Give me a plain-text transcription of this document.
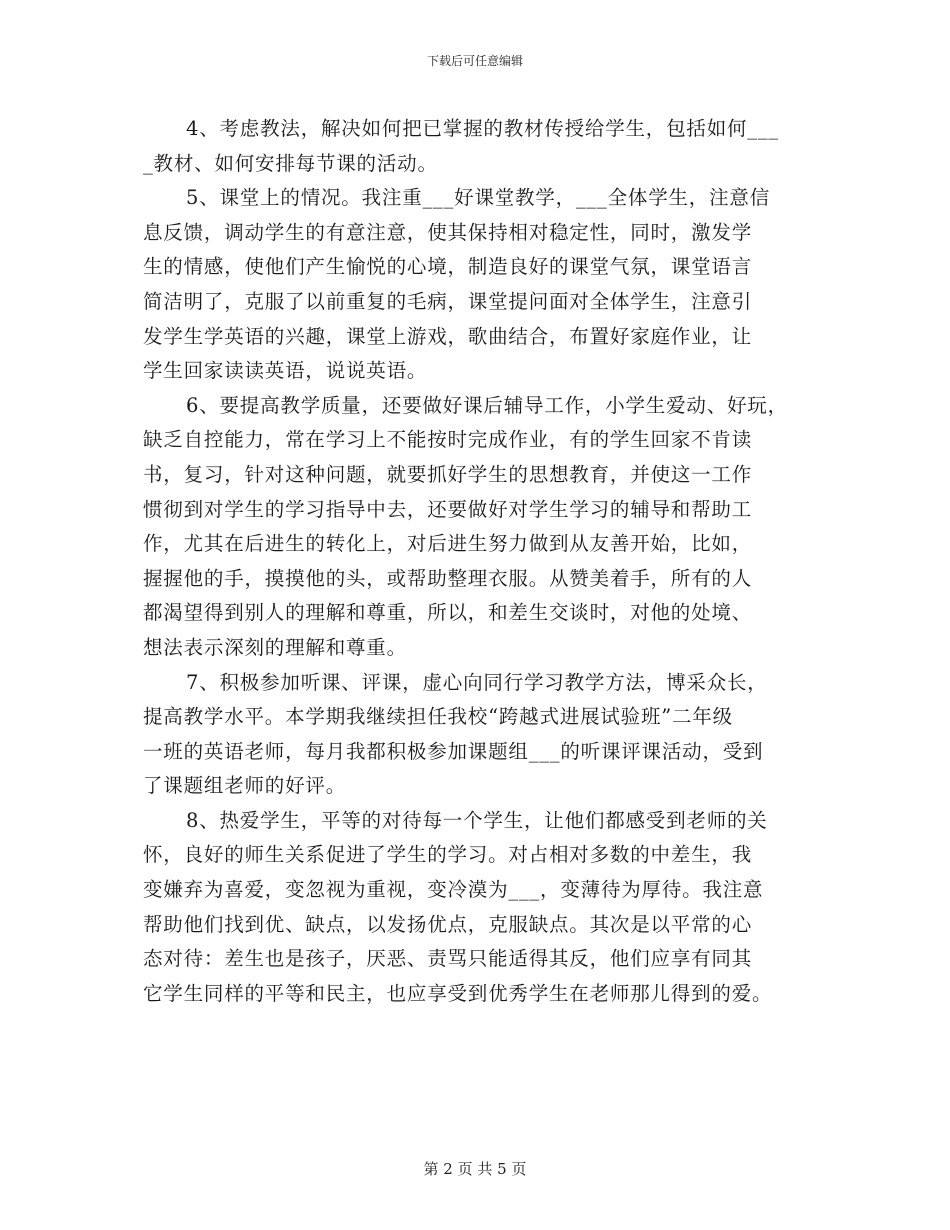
下载后可任意编辑
4、考虑教法，解决如何把已掌握的教材传授给学生，包括如何___
_教材、如何安排每节课的活动。
5、课堂上的情况。我注重___好课堂教学，___全体学生，注意信
息反馈，调动学生的有意注意，使其保持相对稳定性，同时，激发学
生的情感，使他们产生愉悦的心境，制造良好的课堂气氛，课堂语言
简洁明了，克服了以前重复的毛病，课堂提问面对全体学生，注意引
发学生学英语的兴趣，课堂上游戏，歌曲结合，布置好家庭作业，让
学生回家读读英语，说说英语。
6、要提高教学质量，还要做好课后辅导工作，小学生爱动、好玩，
缺乏自控能力，常在学习上不能按时完成作业，有的学生回家不肯读
书，复习，针对这种问题，就要抓好学生的思想教育，并使这一工作
惯彻到对学生的学习指导中去，还要做好对学生学习的辅导和帮助工
作，尤其在后进生的转化上，对后进生努力做到从友善开始，比如，
握握他的手，摸摸他的头，或帮助整理衣服。从赞美着手，所有的人
都渴望得到别人的理解和尊重，所以，和差生交谈时，对他的处境、
想法表示深刻的理解和尊重。
7、积极参加听课、评课，虚心向同行学习教学方法，博采众长，
提高教学水平。本学期我继续担任我校“跨越式进展试验班”二年级
一班的英语老师，每月我都积极参加课题组___的听课评课活动，受到
了课题组老师的好评。
8、热爱学生，平等的对待每一个学生，让他们都感受到老师的关
怀，良好的师生关系促进了学生的学习。对占相对多数的中差生，我
变嫌弃为喜爱，变忽视为重视，变冷漠为___，变薄待为厚待。我注意
帮助他们找到优、缺点，以发扬优点，克服缺点。其次是以平常的心
态对待：差生也是孩子，厌恶、责骂只能适得其反，他们应享有同其
它学生同样的平等和民主，也应享受到优秀学生在老师那儿得到的爱。
第 2 页 共 5 页
